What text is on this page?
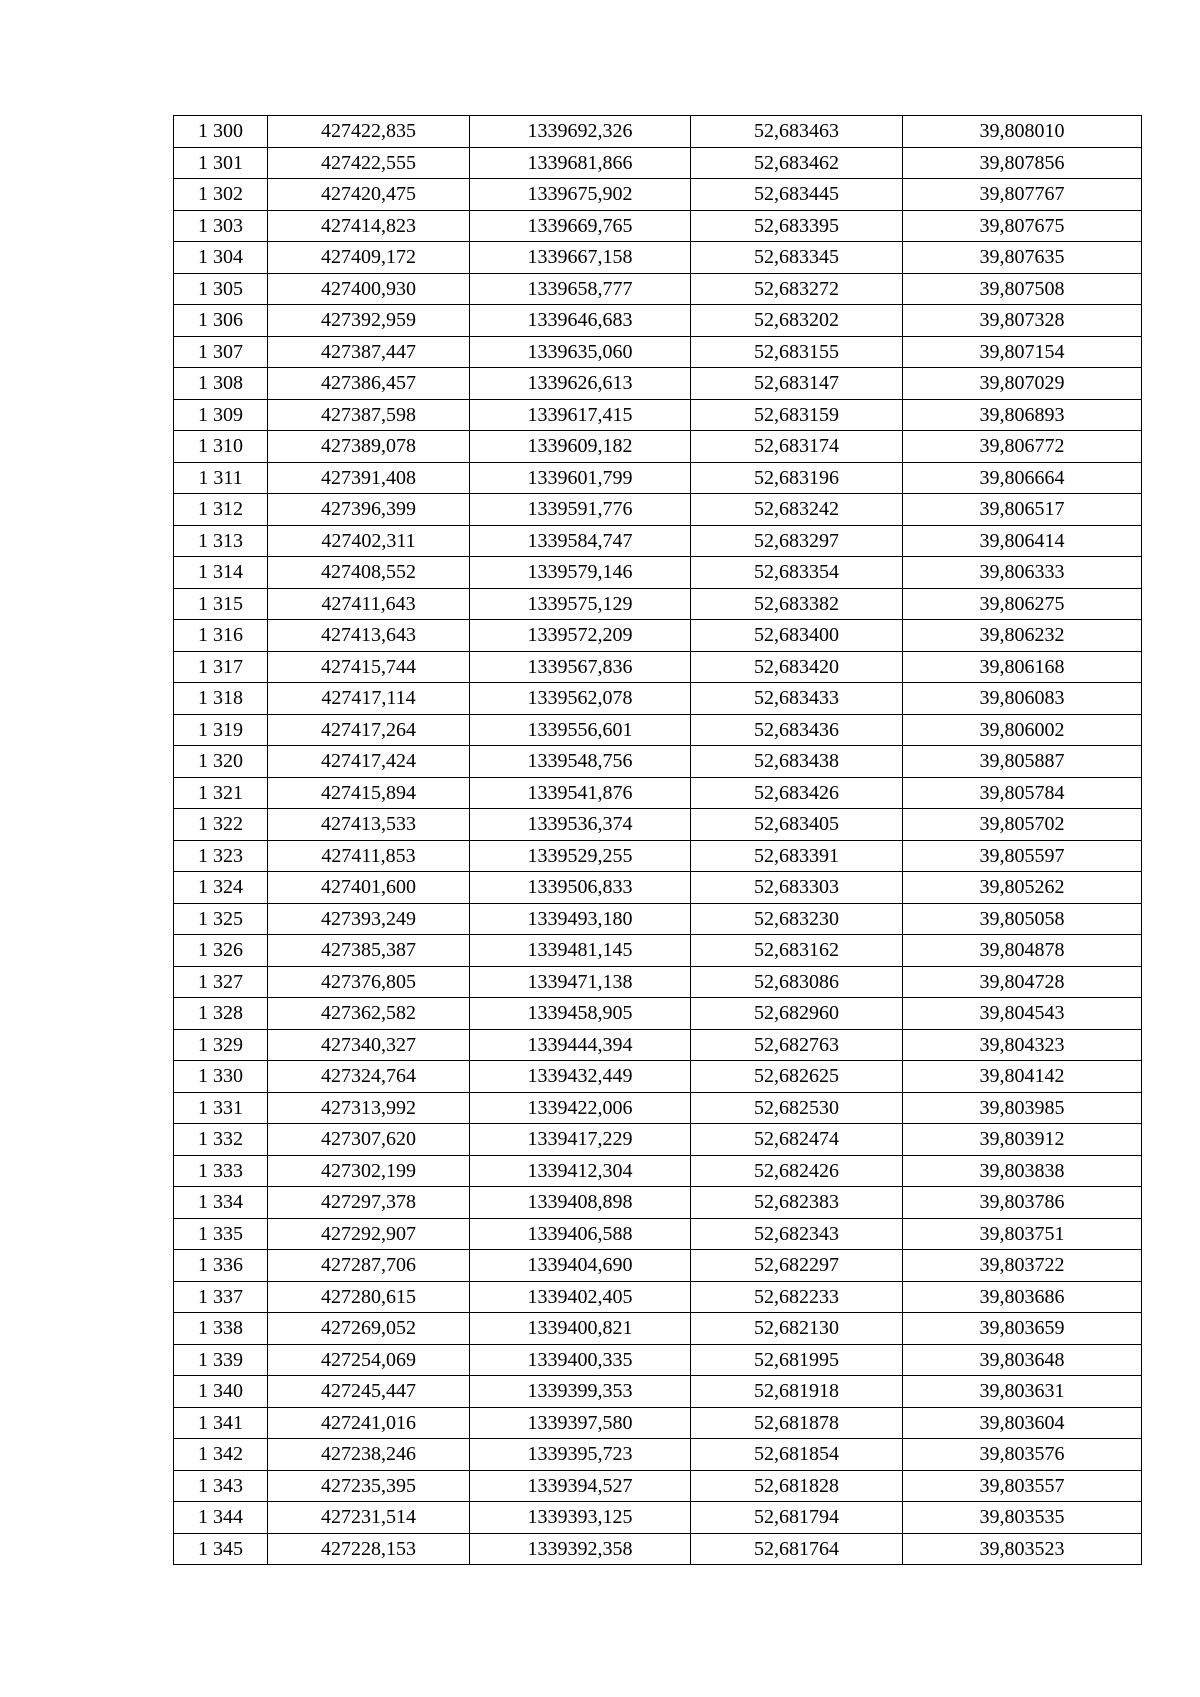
1 300	427422,835	1339692,326	52,683463	39,808010
1 301	427422,555	1339681,866	52,683462	39,807856
1 302	427420,475	1339675,902	52,683445	39,807767
1 303	427414,823	1339669,765	52,683395	39,807675
1 304	427409,172	1339667,158	52,683345	39,807635
1 305	427400,930	1339658,777	52,683272	39,807508
1 306	427392,959	1339646,683	52,683202	39,807328
1 307	427387,447	1339635,060	52,683155	39,807154
1 308	427386,457	1339626,613	52,683147	39,807029
1 309	427387,598	1339617,415	52,683159	39,806893
1 310	427389,078	1339609,182	52,683174	39,806772
1 311	427391,408	1339601,799	52,683196	39,806664
1 312	427396,399	1339591,776	52,683242	39,806517
1 313	427402,311	1339584,747	52,683297	39,806414
1 314	427408,552	1339579,146	52,683354	39,806333
1 315	427411,643	1339575,129	52,683382	39,806275
1 316	427413,643	1339572,209	52,683400	39,806232
1 317	427415,744	1339567,836	52,683420	39,806168
1 318	427417,114	1339562,078	52,683433	39,806083
1 319	427417,264	1339556,601	52,683436	39,806002
1 320	427417,424	1339548,756	52,683438	39,805887
1 321	427415,894	1339541,876	52,683426	39,805784
1 322	427413,533	1339536,374	52,683405	39,805702
1 323	427411,853	1339529,255	52,683391	39,805597
1 324	427401,600	1339506,833	52,683303	39,805262
1 325	427393,249	1339493,180	52,683230	39,805058
1 326	427385,387	1339481,145	52,683162	39,804878
1 327	427376,805	1339471,138	52,683086	39,804728
1 328	427362,582	1339458,905	52,682960	39,804543
1 329	427340,327	1339444,394	52,682763	39,804323
1 330	427324,764	1339432,449	52,682625	39,804142
1 331	427313,992	1339422,006	52,682530	39,803985
1 332	427307,620	1339417,229	52,682474	39,803912
1 333	427302,199	1339412,304	52,682426	39,803838
1 334	427297,378	1339408,898	52,682383	39,803786
1 335	427292,907	1339406,588	52,682343	39,803751
1 336	427287,706	1339404,690	52,682297	39,803722
1 337	427280,615	1339402,405	52,682233	39,803686
1 338	427269,052	1339400,821	52,682130	39,803659
1 339	427254,069	1339400,335	52,681995	39,803648
1 340	427245,447	1339399,353	52,681918	39,803631
1 341	427241,016	1339397,580	52,681878	39,803604
1 342	427238,246	1339395,723	52,681854	39,803576
1 343	427235,395	1339394,527	52,681828	39,803557
1 344	427231,514	1339393,125	52,681794	39,803535
1 345	427228,153	1339392,358	52,681764	39,803523
